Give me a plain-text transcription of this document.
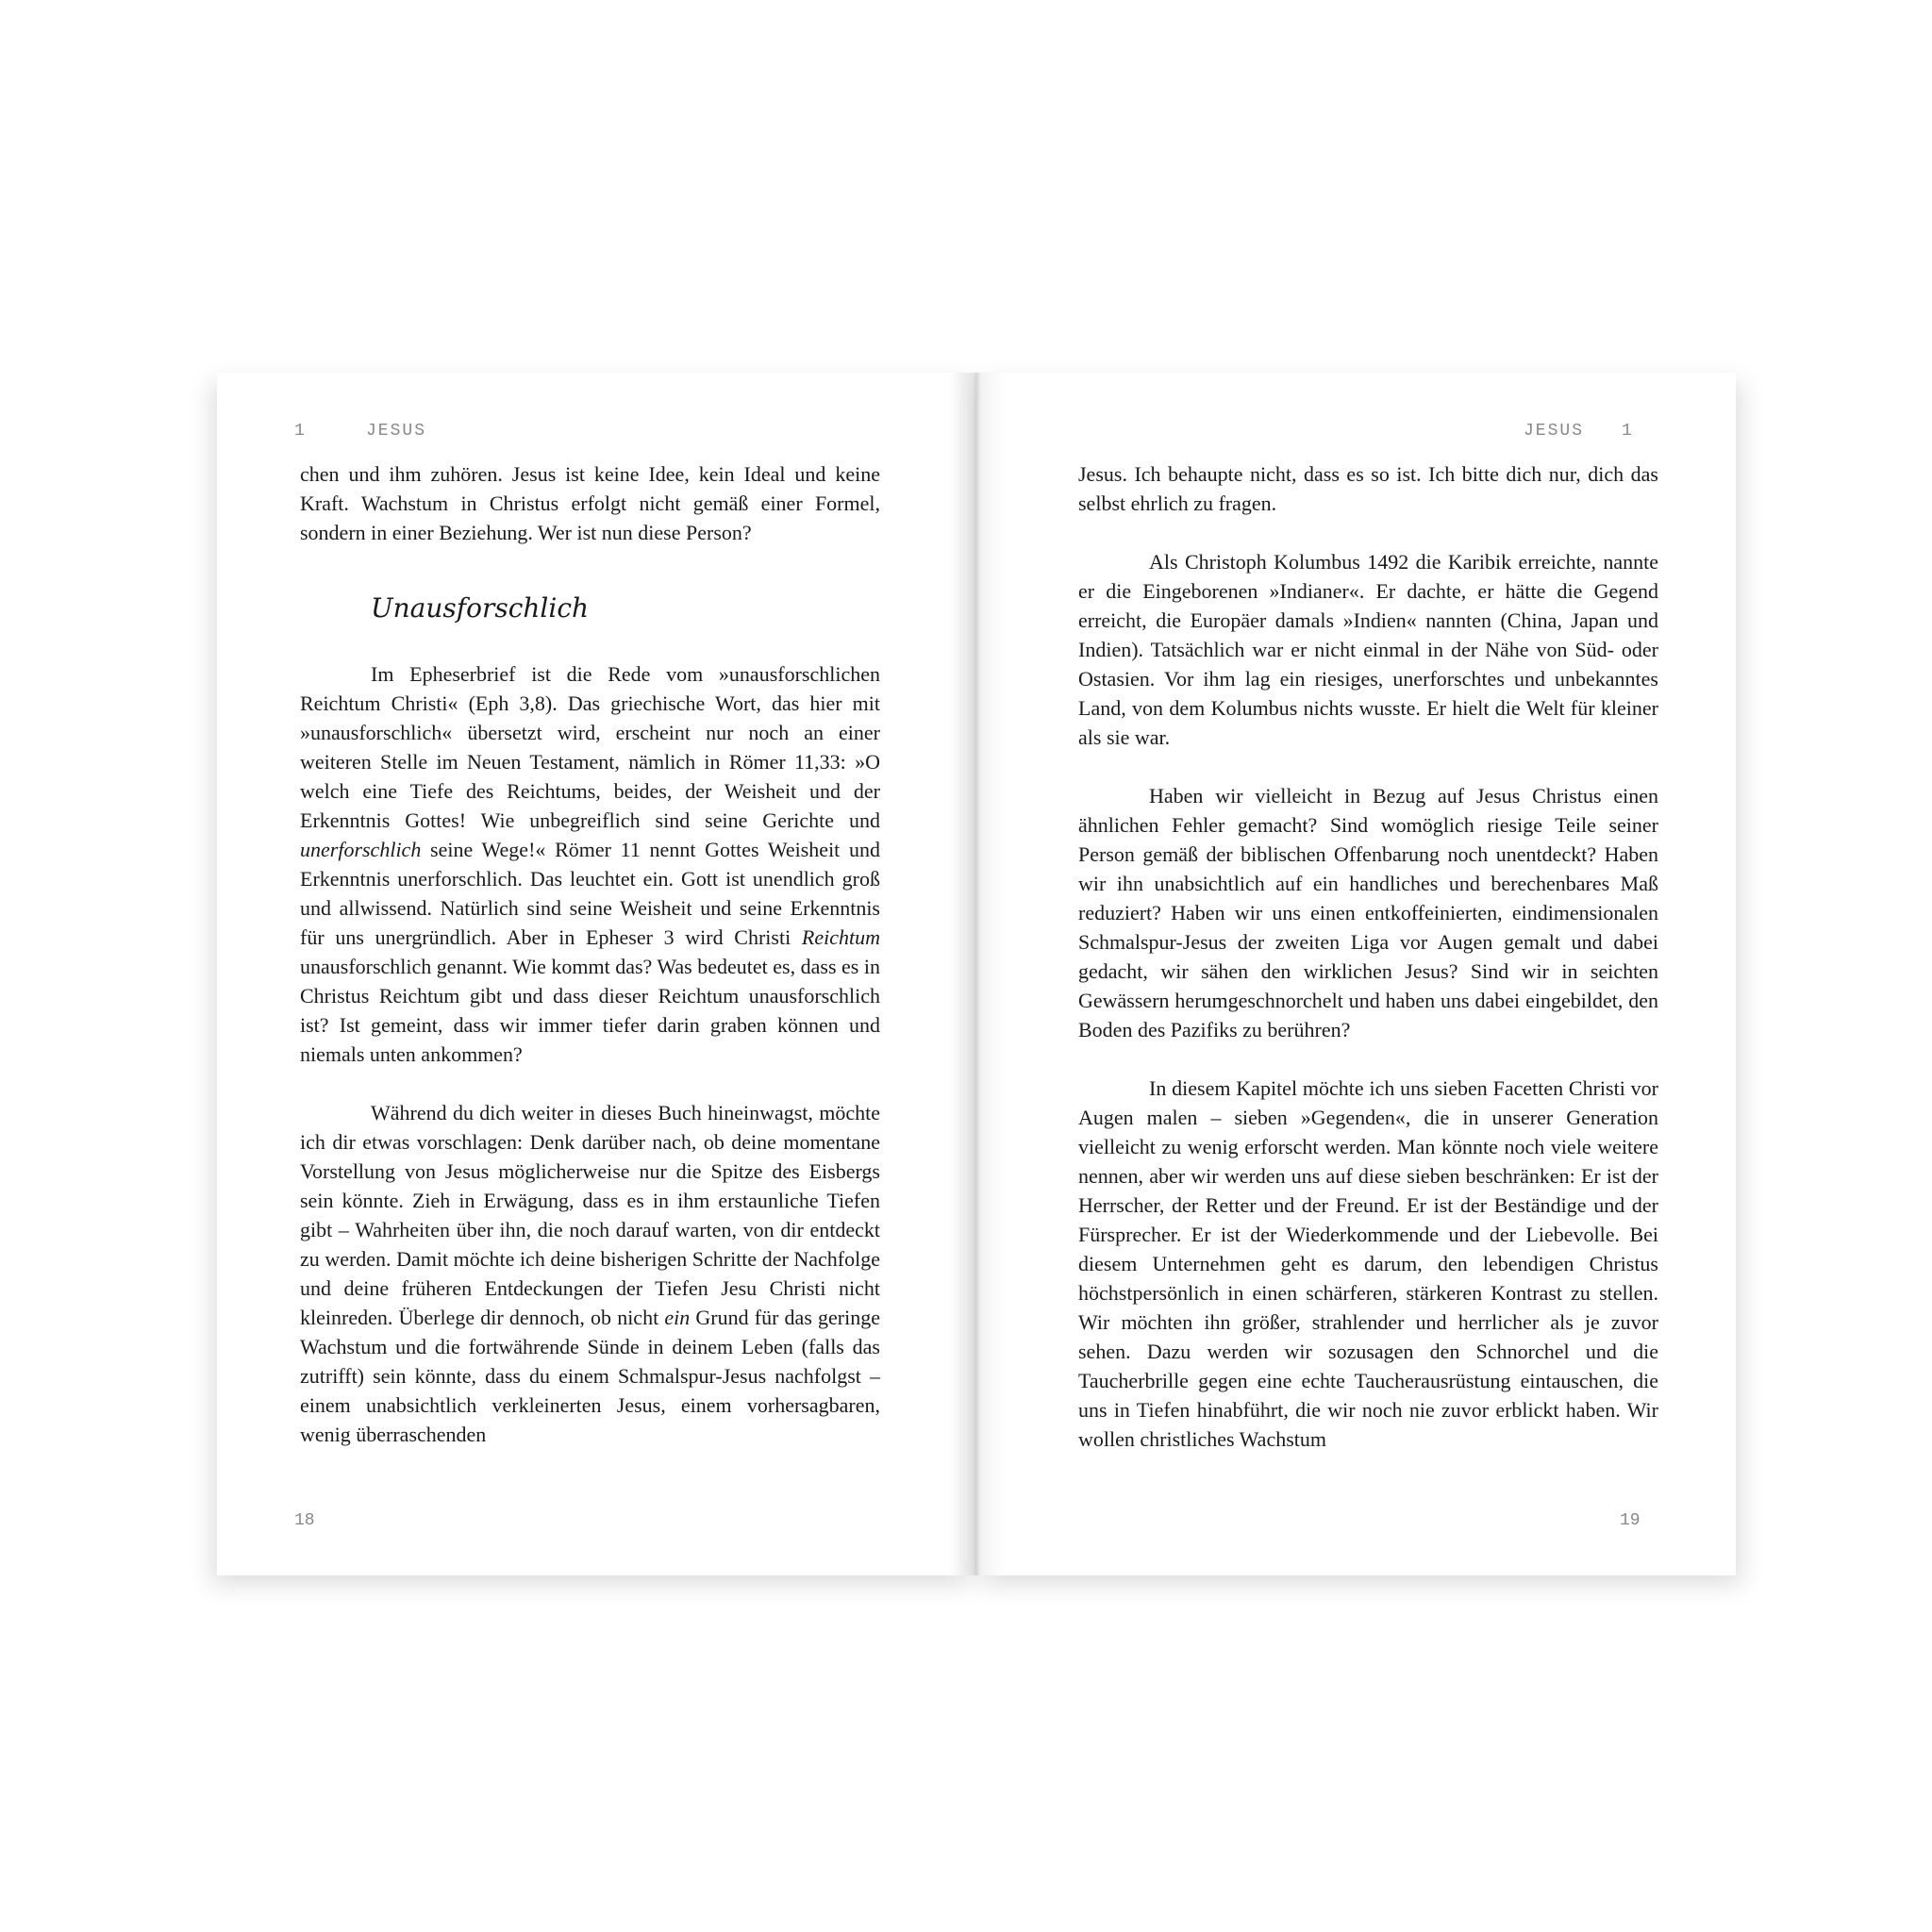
1	JESUS

chen und ihm zuhören. Jesus ist keine Idee, kein Ideal und keine Kraft. Wachstum in Christus erfolgt nicht gemäß einer Formel, sondern in einer Beziehung. Wer ist nun diese Person?

Unausforschlich

Im Epheserbrief ist die Rede vom »unausforschlichen Reichtum Christi« (Eph 3,8). Das griechische Wort, das hier mit »unausforschlich« übersetzt wird, erscheint nur noch an einer weiteren Stelle im Neuen Testament, nämlich in Römer 11,33: »O welch eine Tiefe des Reichtums, beides, der Weisheit und der Erkenntnis Gottes! Wie unbegreiflich sind seine Gerichte und unerforschlich seine Wege!« Römer 11 nennt Gottes Weisheit und Erkenntnis unerforschlich. Das leuchtet ein. Gott ist unendlich groß und allwissend. Natürlich sind seine Weisheit und seine Erkenntnis für uns unergründlich. Aber in Epheser 3 wird Christi Reichtum unausforschlich genannt. Wie kommt das? Was bedeutet es, dass es in Christus Reichtum gibt und dass dieser Reichtum unausforschlich ist? Ist gemeint, dass wir immer tiefer darin graben können und niemals unten ankommen?

Während du dich weiter in dieses Buch hineinwagst, möchte ich dir etwas vorschlagen: Denk darüber nach, ob deine momentane Vorstellung von Jesus möglicherweise nur die Spitze des Eisbergs sein könnte. Zieh in Erwägung, dass es in ihm erstaunliche Tiefen gibt – Wahrheiten über ihn, die noch darauf warten, von dir entdeckt zu werden. Damit möchte ich deine bisherigen Schritte der Nachfolge und deine früheren Entdeckungen der Tiefen Jesu Christi nicht kleinreden. Überlege dir dennoch, ob nicht ein Grund für das geringe Wachstum und die fortwährende Sünde in deinem Leben (falls das zutrifft) sein könnte, dass du einem Schmalspur-Jesus nachfolgst – einem unabsichtlich verkleinerten Jesus, einem vorhersagbaren, wenig überraschenden

18
JESUS 1

Jesus. Ich behaupte nicht, dass es so ist. Ich bitte dich nur, dich das selbst ehrlich zu fragen.

Als Christoph Kolumbus 1492 die Karibik erreichte, nannte er die Eingeborenen »Indianer«. Er dachte, er hätte die Gegend erreicht, die Europäer damals »Indien« nannten (China, Japan und Indien). Tatsächlich war er nicht einmal in der Nähe von Süd- oder Ostasien. Vor ihm lag ein riesiges, unerforschtes und unbekanntes Land, von dem Kolumbus nichts wusste. Er hielt die Welt für kleiner als sie war.

Haben wir vielleicht in Bezug auf Jesus Christus einen ähnlichen Fehler gemacht? Sind womöglich riesige Teile seiner Person gemäß der biblischen Offenbarung noch unentdeckt? Haben wir ihn unabsichtlich auf ein handliches und berechenbares Maß reduziert? Haben wir uns einen entkoffeinierten, eindimensionalen Schmalspur-Jesus der zweiten Liga vor Augen gemalt und dabei gedacht, wir sähen den wirklichen Jesus? Sind wir in seichten Gewässern herumgeschnorchelt und haben uns dabei eingebildet, den Boden des Pazifiks zu berühren?

In diesem Kapitel möchte ich uns sieben Facetten Christi vor Augen malen – sieben »Gegenden«, die in unserer Generation vielleicht zu wenig erforscht werden. Man könnte noch viele weitere nennen, aber wir werden uns auf diese sieben beschränken: Er ist der Herrscher, der Retter und der Freund. Er ist der Beständige und der Fürsprecher. Er ist der Wiederkommende und der Liebevolle. Bei diesem Unternehmen geht es darum, den lebendigen Christus höchstpersönlich in einen schärferen, stärkeren Kontrast zu stellen. Wir möchten ihn größer, strahlender und herrlicher als je zuvor sehen. Dazu werden wir sozusagen den Schnorchel und die Taucherbrille gegen eine echte Taucherausrüstung eintauschen, die uns in Tiefen hinabführt, die wir noch nie zuvor erblickt haben. Wir wollen christliches Wachstum

19
